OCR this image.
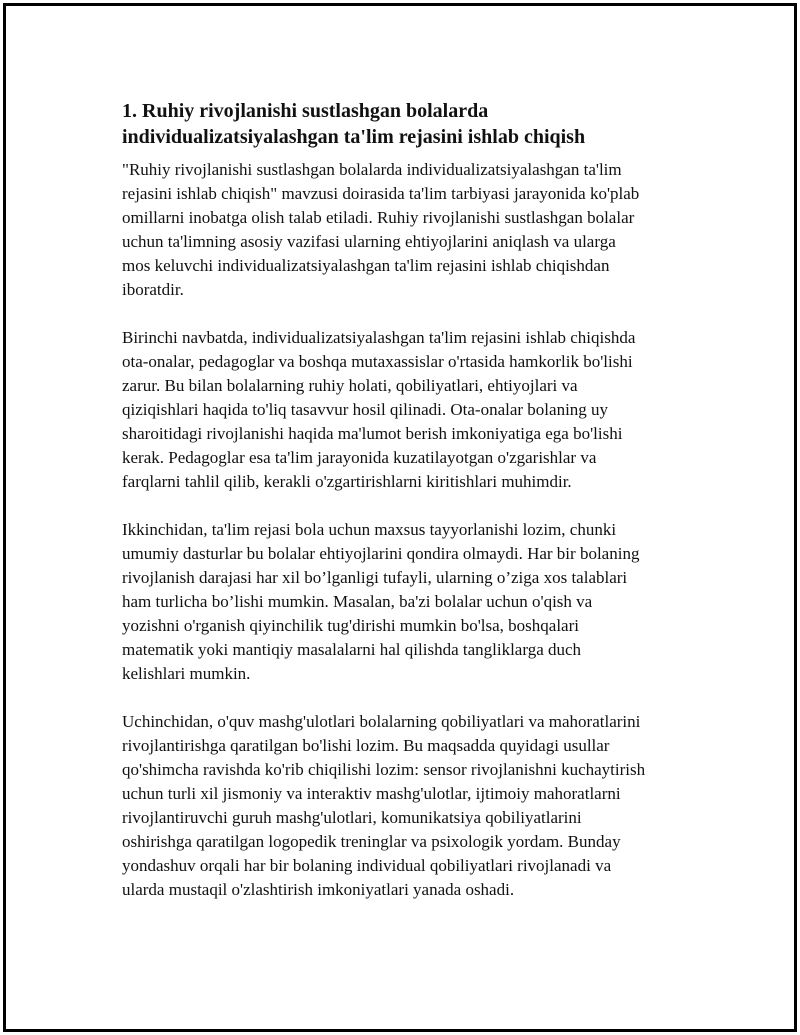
1. Ruhiy rivojlanishi sustlashgan bolalarda
individualizatsiyalashgan ta'lim rejasini ishlab chiqish

"Ruhiy rivojlanishi sustlashgan bolalarda individualizatsiyalashgan ta'lim
rejasini ishlab chiqish" mavzusi doirasida ta'lim tarbiyasi jarayonida ko'plab
omillarni inobatga olish talab etiladi. Ruhiy rivojlanishi sustlashgan bolalar
uchun ta'limning asosiy vazifasi ularning ehtiyojlarini aniqlash va ularga
mos keluvchi individualizatsiyalashgan ta'lim rejasini ishlab chiqishdan
iboratdir.

Birinchi navbatda, individualizatsiyalashgan ta'lim rejasini ishlab chiqishda
ota-onalar, pedagoglar va boshqa mutaxassislar o'rtasida hamkorlik bo'lishi
zarur. Bu bilan bolalarning ruhiy holati, qobiliyatlari, ehtiyojlari va
qiziqishlari haqida to'liq tasavvur hosil qilinadi. Ota-onalar bolaning uy
sharoitidagi rivojlanishi haqida ma'lumot berish imkoniyatiga ega bo'lishi
kerak. Pedagoglar esa ta'lim jarayonida kuzatilayotgan o'zgarishlar va
farqlarni tahlil qilib, kerakli o'zgartirishlarni kiritishlari muhimdir.

Ikkinchidan, ta'lim rejasi bola uchun maxsus tayyorlanishi lozim, chunki
umumiy dasturlar bu bolalar ehtiyojlarini qondira olmaydi. Har bir bolaning
rivojlanish darajasi har xil bo’lganligi tufayli, ularning o’ziga xos talablari
ham turlicha bo’lishi mumkin. Masalan, ba'zi bolalar uchun o'qish va
yozishni o'rganish qiyinchilik tug'dirishi mumkin bo'lsa, boshqalari
matematik yoki mantiqiy masalalarni hal qilishda tangliklarga duch
kelishlari mumkin.

Uchinchidan, o'quv mashg'ulotlari bolalarning qobiliyatlari va mahoratlarini
rivojlantirishga qaratilgan bo'lishi lozim. Bu maqsadda quyidagi usullar
qo'shimcha ravishda ko'rib chiqilishi lozim: sensor rivojlanishni kuchaytirish
uchun turli xil jismoniy va interaktiv mashg'ulotlar, ijtimoiy mahoratlarni
rivojlantiruvchi guruh mashg'ulotlari, komunikatsiya qobiliyatlarini
oshirishga qaratilgan logopedik treninglar va psixologik yordam. Bunday
yondashuv orqali har bir bolaning individual qobiliyatlari rivojlanadi va
ularda mustaqil o'zlashtirish imkoniyatlari yanada oshadi.
